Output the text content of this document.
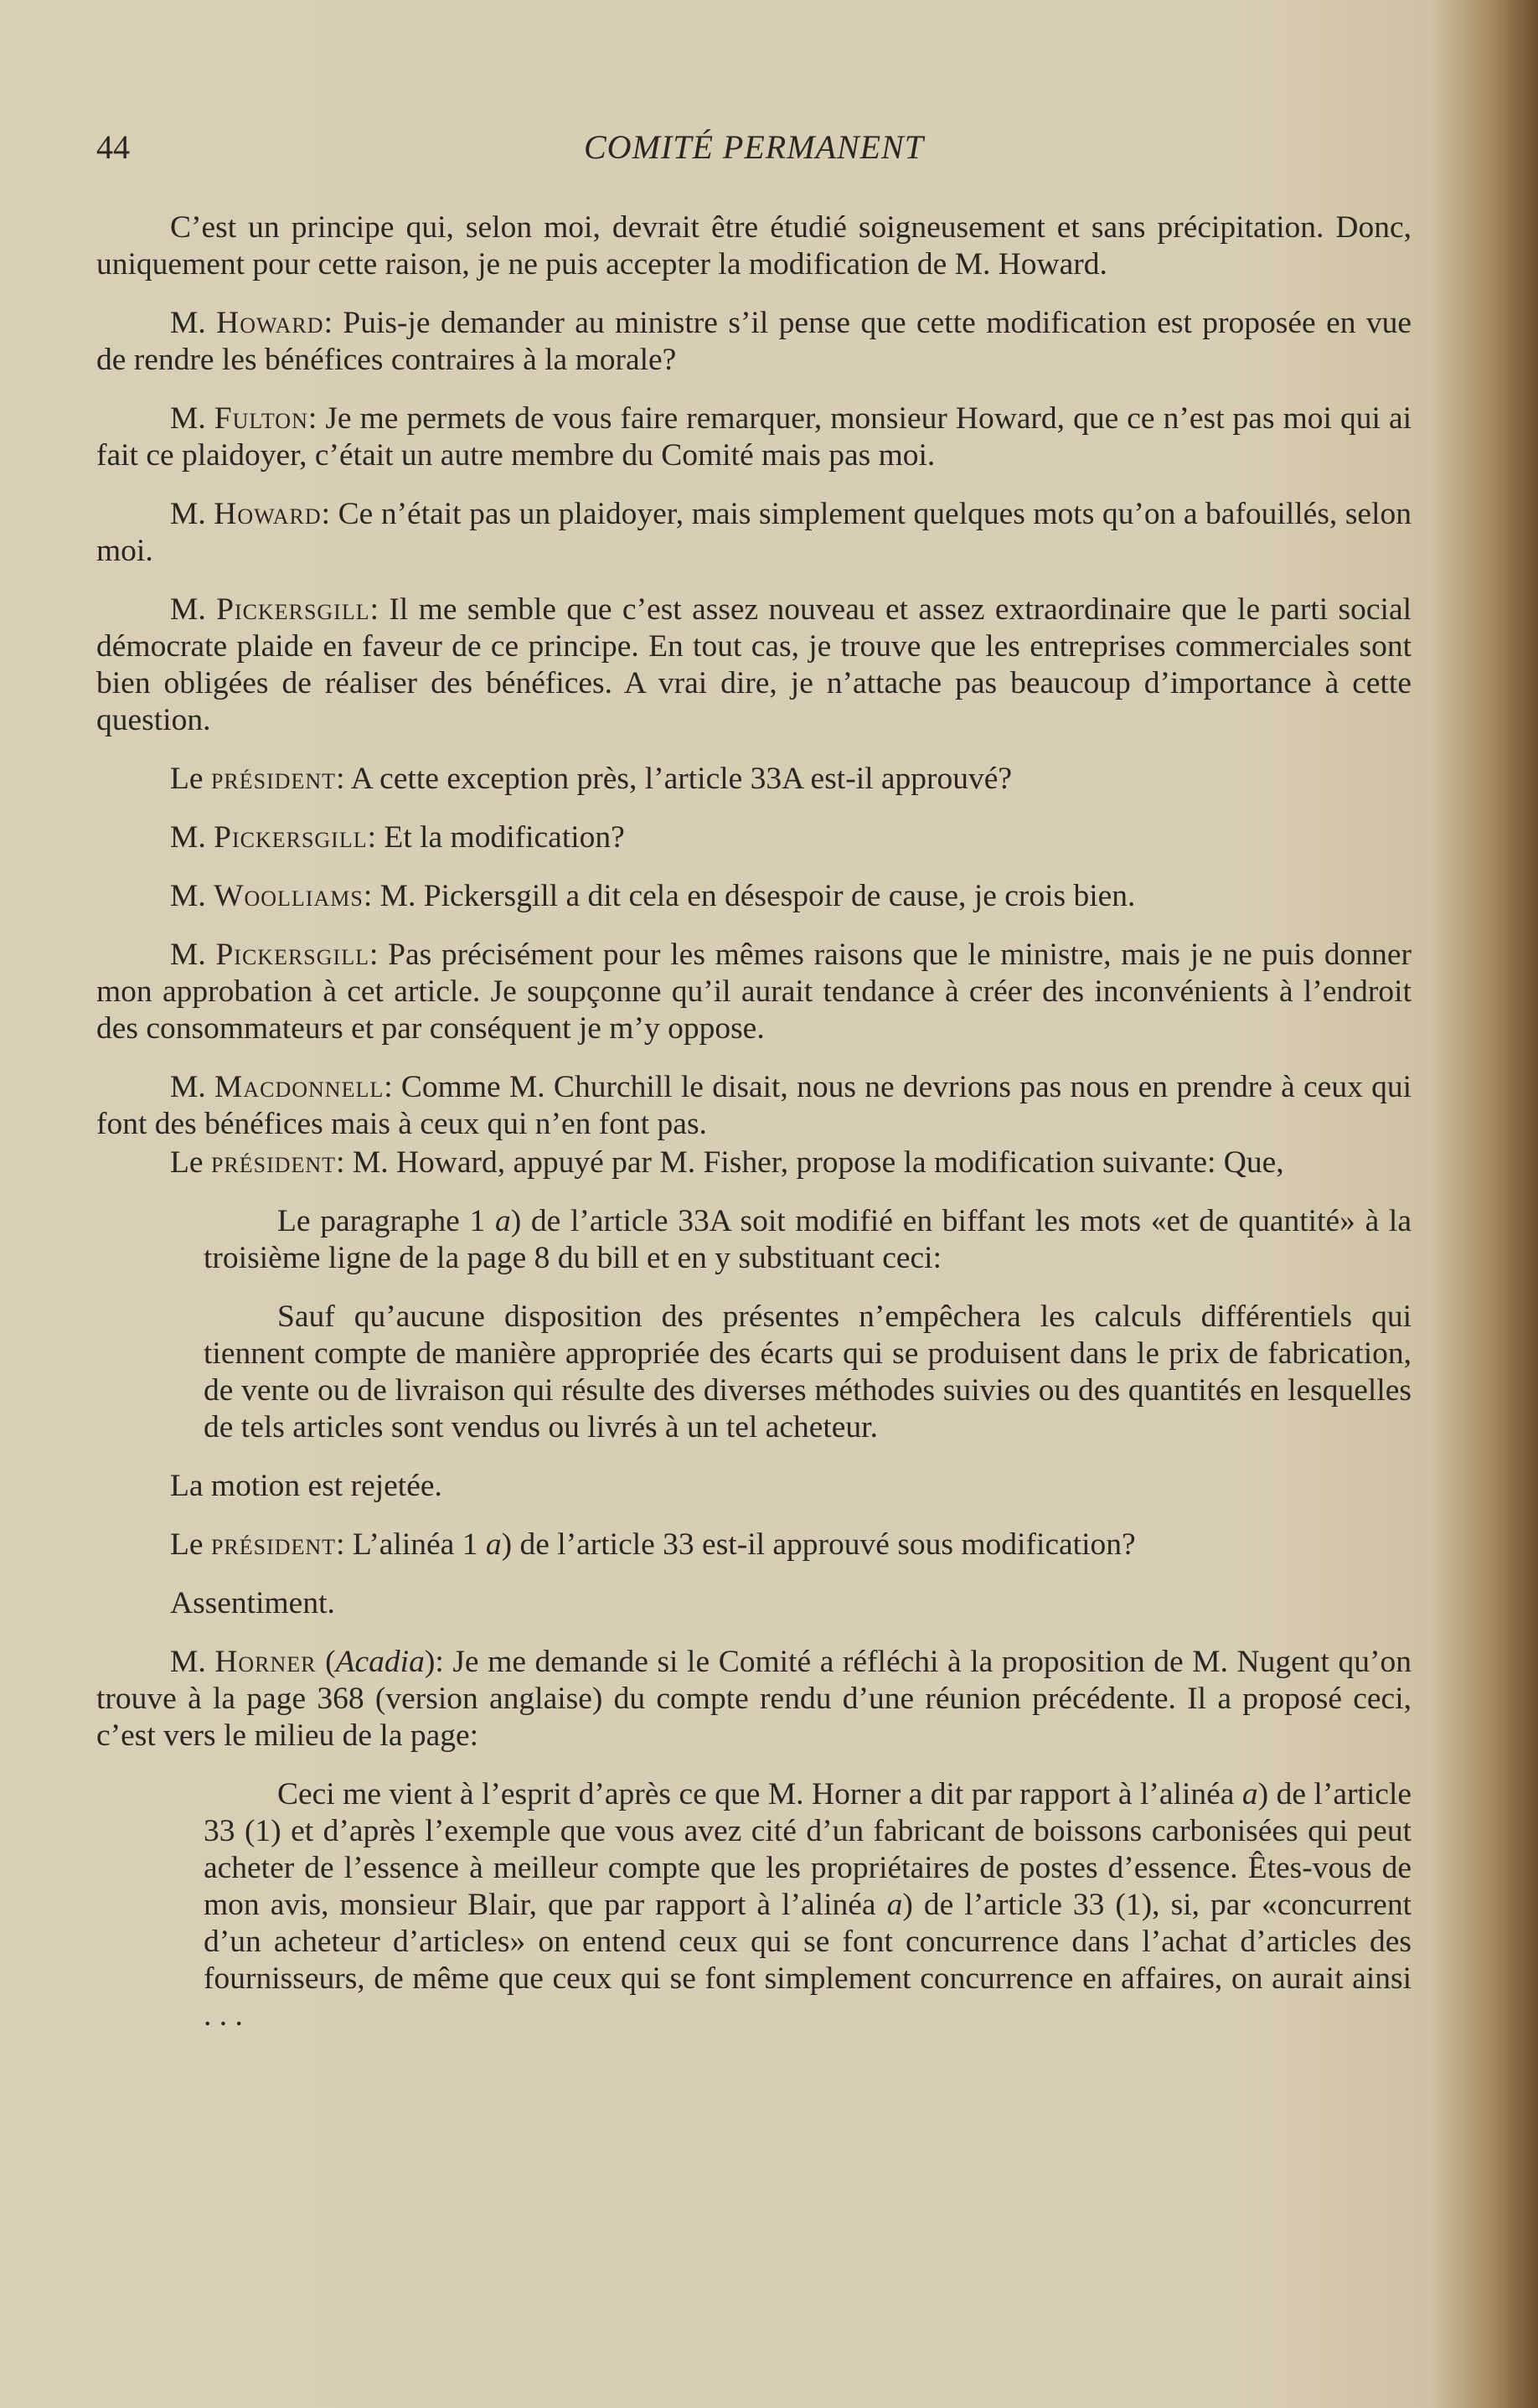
44	COMITÉ PERMANENT

C’est un principe qui, selon moi, devrait être étudié soigneusement et sans précipitation. Donc, uniquement pour cette raison, je ne puis accepter la modification de M. Howard.

M. Howard: Puis-je demander au ministre s’il pense que cette modification est proposée en vue de rendre les bénéfices contraires à la morale?

M. Fulton: Je me permets de vous faire remarquer, monsieur Howard, que ce n’est pas moi qui ai fait ce plaidoyer, c’était un autre membre du Comité mais pas moi.

M. Howard: Ce n’était pas un plaidoyer, mais simplement quelques mots qu’on a bafouillés, selon moi.

M. Pickersgill: Il me semble que c’est assez nouveau et assez extraordinaire que le parti social démocrate plaide en faveur de ce principe. En tout cas, je trouve que les entreprises commerciales sont bien obligées de réaliser des bénéfices. A vrai dire, je n’attache pas beaucoup d’importance à cette question.

Le président: A cette exception près, l’article 33A est-il approuvé?

M. Pickersgill: Et la modification?

M. Woolliams: M. Pickersgill a dit cela en désespoir de cause, je crois bien.

M. Pickersgill: Pas précisément pour les mêmes raisons que le ministre, mais je ne puis donner mon approbation à cet article. Je soupçonne qu’il aurait tendance à créer des inconvénients à l’endroit des consommateurs et par conséquent je m’y oppose.

M. Macdonnell: Comme M. Churchill le disait, nous ne devrions pas nous en prendre à ceux qui font des bénéfices mais à ceux qui n’en font pas.

Le président: M. Howard, appuyé par M. Fisher, propose la modification suivante: Que,

Le paragraphe 1 a) de l’article 33A soit modifié en biffant les mots «et de quantité» à la troisième ligne de la page 8 du bill et en y substituant ceci:

Sauf qu’aucune disposition des présentes n’empêchera les calculs différentiels qui tiennent compte de manière appropriée des écarts qui se produisent dans le prix de fabrication, de vente ou de livraison qui résulte des diverses méthodes suivies ou des quantités en lesquelles de tels articles sont vendus ou livrés à un tel acheteur.

La motion est rejetée.

Le président: L’alinéa 1 a) de l’article 33 est-il approuvé sous modification?

Assentiment.

M. Horner (Acadia): Je me demande si le Comité a réfléchi à la proposition de M. Nugent qu’on trouve à la page 368 (version anglaise) du compte rendu d’une réunion précédente. Il a proposé ceci, c’est vers le milieu de la page:

Ceci me vient à l’esprit d’après ce que M. Horner a dit par rapport à l’alinéa a) de l’article 33 (1) et d’après l’exemple que vous avez cité d’un fabricant de boissons carbonisées qui peut acheter de l’essence à meilleur compte que les propriétaires de postes d’essence. Êtes-vous de mon avis, monsieur Blair, que par rapport à l’alinéa a) de l’article 33 (1), si, par «concurrent d’un acheteur d’articles» on entend ceux qui se font concurrence dans l’achat d’articles des fournisseurs, de même que ceux qui se font simplement concurrence en affaires, on aurait ainsi . . .
